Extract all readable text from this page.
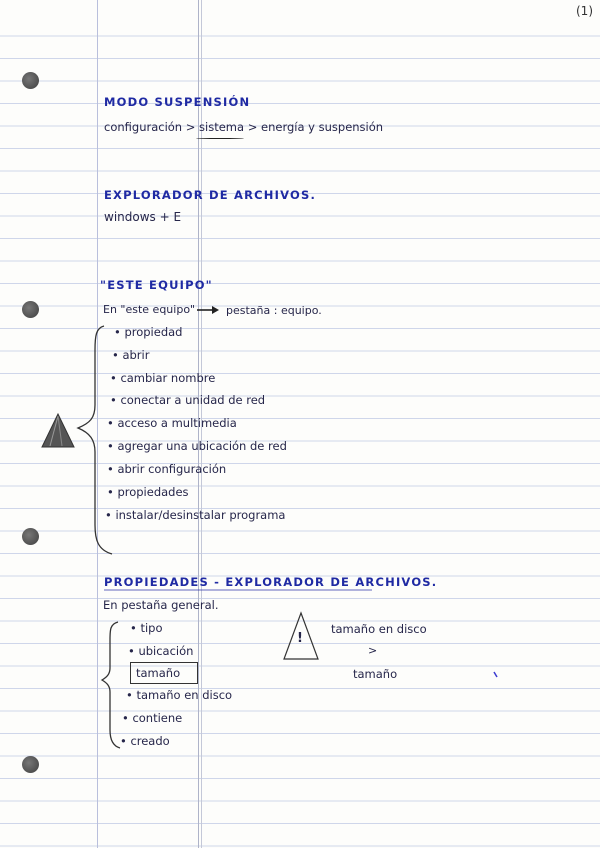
(1)
MODO SUSPENSIÓN
configuración > sistema > energía y suspensión
EXPLORADOR DE ARCHIVOS.
windows + E
"ESTE EQUIPO"
En "este equipo"	pestaña : equipo.
• propiedad
• abrir
• cambiar nombre
• conectar a unidad de red
• acceso a multimedia
• agregar una ubicación de red
• abrir configuración
• propiedades
• instalar/desinstalar programa
PROPIEDADES - EXPLORADOR DE ARCHIVOS.
En pestaña general.
• tipo
• ubicación
tamaño
• tamaño en disco
• contiene
• creado
tamaño en disco
>
tamaño
!
